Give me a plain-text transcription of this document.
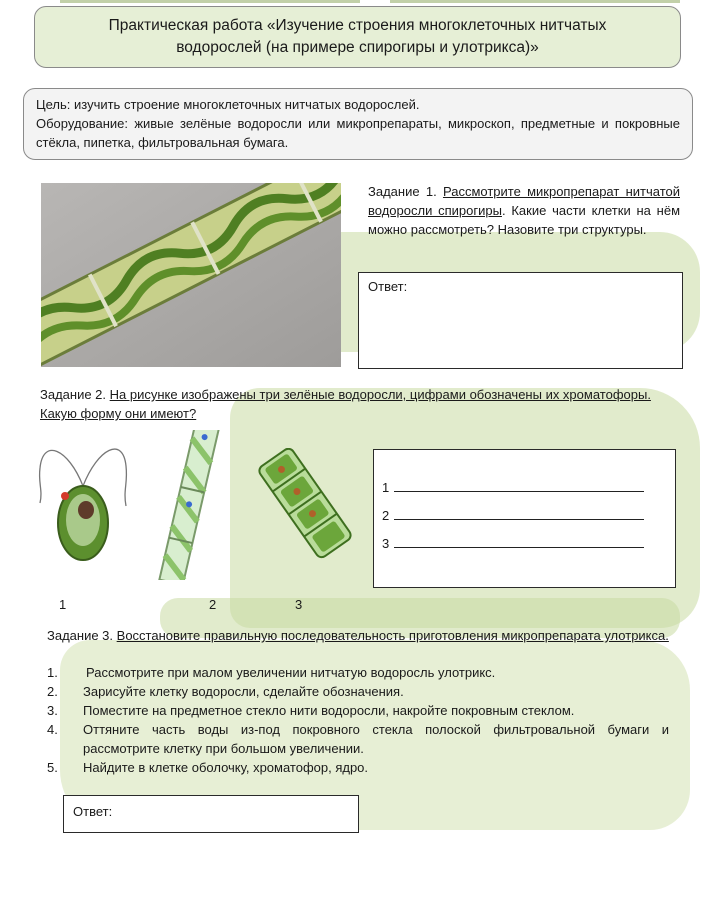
Практическая работа «Изучение строения многоклеточных нитчатых
водорослей (на примере спирогиры и улотрикса)»
Цель: изучить строение многоклеточных нитчатых водорослей.
Оборудование: живые зелёные водоросли или микропрепараты, микроскоп, предметные и покровные стёкла, пипетка, фильтровальная бумага.
Задание 1. Рассмотрите микропрепарат нитчатой водоросли спирогиры. Какие части клетки на нём можно рассмотреть? Назовите три структуры.
Ответ:
Задание 2. На рисунке изображены три зелёные водоросли, цифрами обозначены их хроматофоры. Какую форму они имеют?
1	2	3
1
2
3
Задание 3. Восстановите правильную последовательность приготовления микропрепарата улотрикса.
1. Рассмотрите при малом увеличении нитчатую водоросль улотрикс.
2. Зарисуйте клетку водоросли, сделайте обозначения.
3. Поместите на предметное стекло нити водоросли, накройте покровным стеклом.
4. Оттяните часть воды из-под покровного стекла полоской фильтровальной бумаги и рассмотрите клетку при большом увеличении.
5. Найдите в клетке оболочку, хроматофор, ядро.
Ответ:
